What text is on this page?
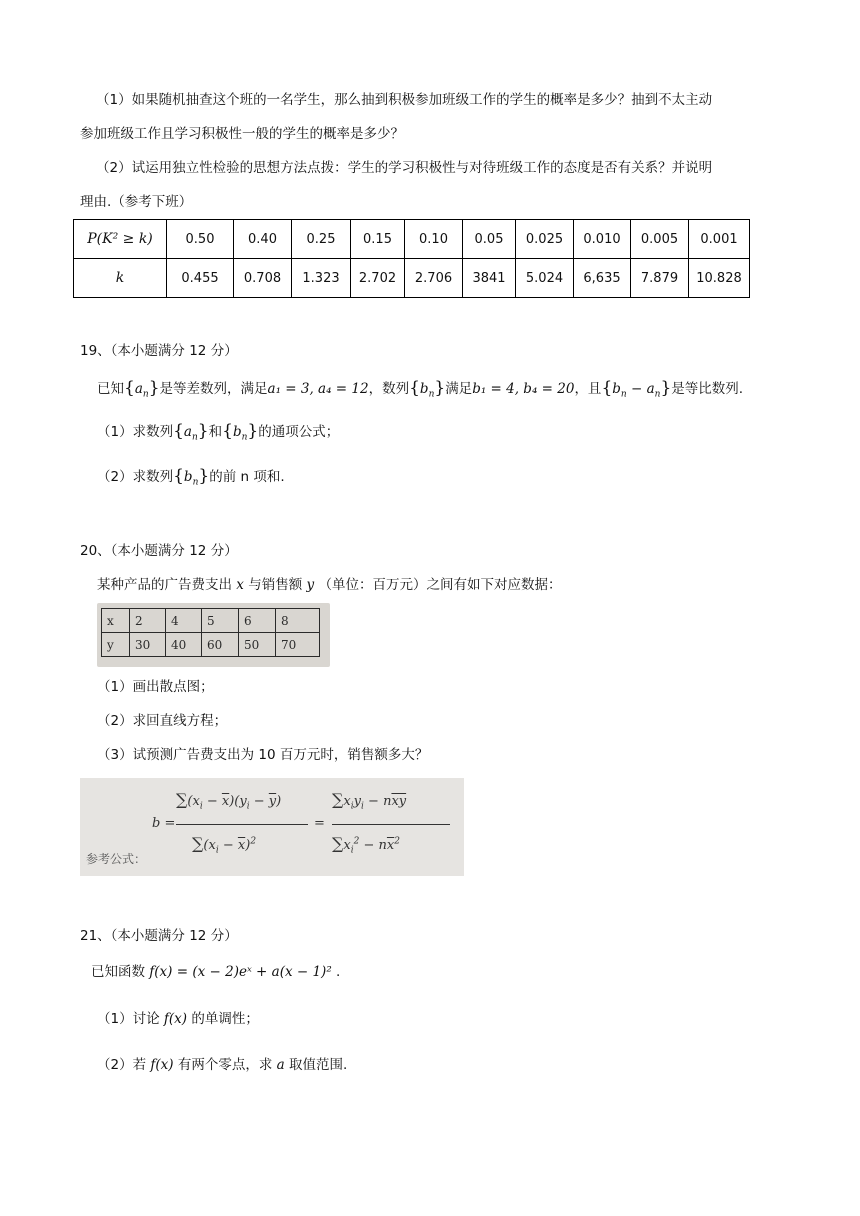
（1）如果随机抽查这个班的一名学生，那么抽到积极参加班级工作的学生的概率是多少？抽到不太主动
参加班级工作且学习积极性一般的学生的概率是多少？
（2）试运用独立性检验的思想方法点拨：学生的学习积极性与对待班级工作的态度是否有关系？并说明
理由.（参考下班）
P(K² ≥ k)	0.50	0.40	0.25	0.15	0.10	0.05	0.025	0.010	0.005	0.001
k	0.455	0.708	1.323	2.702	2.706	3841	5.024	6,635	7.879	10.828
19、（本小题满分 12 分）
已知$\{a_n\}$是等差数列，满足a₁ = 3, a₄ = 12，数列$\{b_n\}$满足b₁ = 4, b₄ = 20，且$\{b_n - a_n\}$是等比数列.
（1）求数列$\{a_n\}$和$\{b_n\}$的通项公式；
（2）求数列$\{b_n\}$的前 n 项和.
20、（本小题满分 12 分）
某种产品的广告费支出 x 与销售额 y （单位：百万元）之间有如下对应数据：
x	2	4	5	6	8
y	30	40	60	50	70
（1）画出散点图；
（2）求回直线方程；
（3）试预测广告费支出为 10 百万元时，销售额多大？
参考公式：
b =
$\sum(x_i - \overline{x})(y_i - \overline{y})$
$\sum(x_i - \overline{x})^2$
=
$\sum x_iy_i - n\overline{xy}$
$\sum x_i^2 - n\overline{x}^2$
21、（本小题满分 12 分）
已知函数 f(x) = (x − 2)eˣ + a(x − 1)² .
（1）讨论 f(x) 的单调性；
（2）若 f(x) 有两个零点，求 a 取值范围.
